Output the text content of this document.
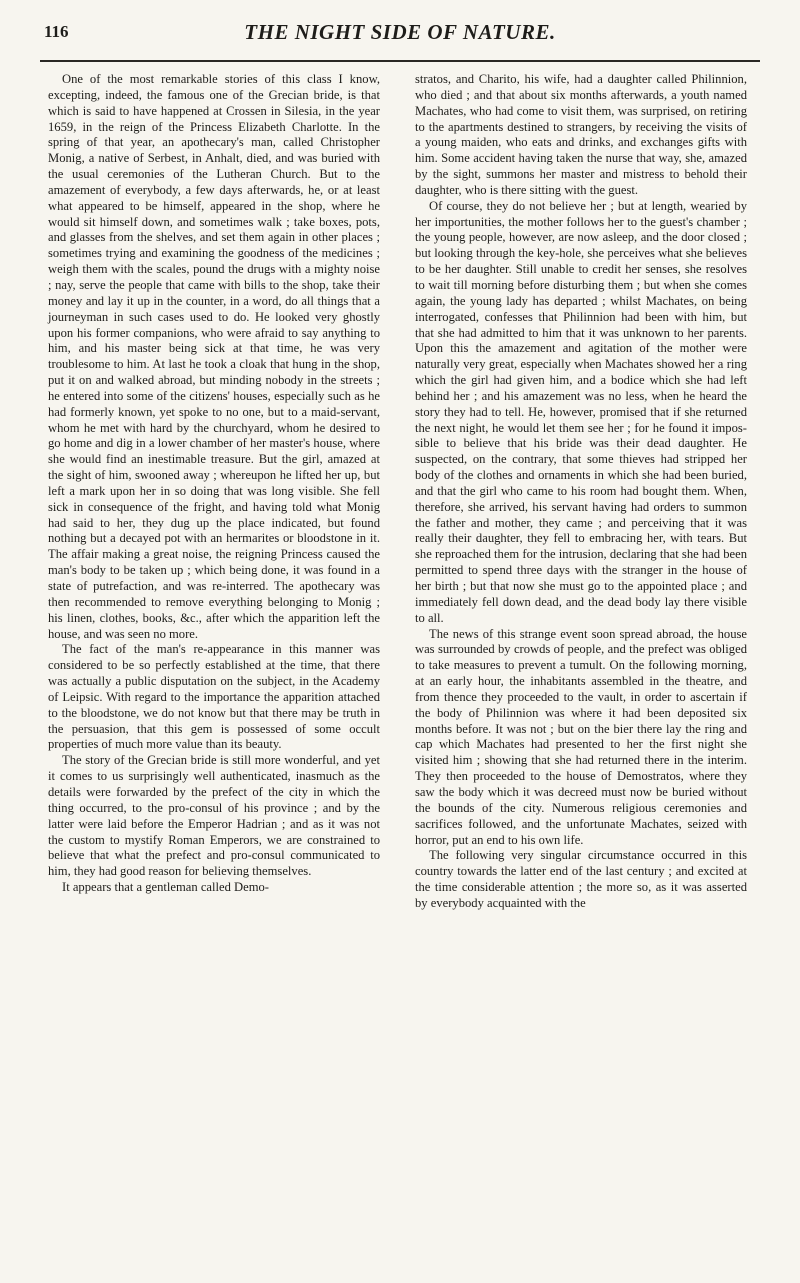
116	THE NIGHT SIDE OF NATURE.

One of the most remarkable stories of this class I know, excepting, indeed, the famous one of the Grecian bride, is that which is said to have happened at Crossen in Silesia, in the year 1659, in the reign of the Princess Elizabeth Charlotte. In the spring of that year, an apothecary's man, called Christopher Monig, a native of Serbest, in Anhalt, died, and was buried with the usual ceremonies of the Lutheran Church. But to the amazement of everybody, a few days afterwards, he, or at least what appeared to be himself, appeared in the shop, where he would sit himself down, and sometimes walk ; take boxes, pots, and glasses from the shelves, and set them again in other places ; sometimes trying and examining the goodness of the medicines ; weigh them with the scales, pound the drugs with a mighty noise ; nay, serve the people that came with bills to the shop, take their money and lay it up in the counter, in a word, do all things that a journeyman in such cases used to do. He looked very ghostly upon his former companions, who were afraid to say anything to him, and his master being sick at that time, he was very troublesome to him. At last he took a cloak that hung in the shop, put it on and walked abroad, but minding nobody in the streets ; he entered into some of the citizens' houses, especially such as he had formerly known, yet spoke to no one, but to a maid-servant, whom he met with hard by the churchyard, whom he desired to go home and dig in a lower chamber of her master's house, where she would find an inestimable treasure. But the girl, amazed at the sight of him, swooned away ; whereupon he lifted her up, but left a mark upon her in so doing that was long visible. She fell sick in consequence of the fright, and having told what Monig had said to her, they dug up the place indicated, but found nothing but a decayed pot with an hermarites or bloodstone in it. The affair making a great noise, the reigning Princess caused the man's body to be taken up ; which being done, it was found in a state of putrefaction, and was re-interred. The apothecary was then recommended to remove everything belonging to Monig ; his linen, clothes, books, &c., after which the apparition left the house, and was seen no more.

The fact of the man's re-appearance in this manner was considered to be so perfectly established at the time, that there was actually a public disputation on the subject, in the Academy of Leipsic. With regard to the importance the apparition attached to the bloodstone, we do not know but that there may be truth in the persuasion, that this gem is possessed of some occult properties of much more value than its beauty.

The story of the Grecian bride is still more wonderful, and yet it comes to us surprisingly well authenticated, inasmuch as the details were forwarded by the prefect of the city in which the thing occurred, to the pro-consul of his province ; and by the latter were laid before the Emperor Hadrian ; and as it was not the custom to mystify Roman Emperors, we are constrained to believe that what the prefect and pro-consul communicated to him, they had good reason for believing themselves.

It appears that a gentleman called Demo-

stratos, and Charito, his wife, had a daughter called Philinnion, who died ; and that about six months afterwards, a youth named Machates, who had come to visit them, was surprised, on retiring to the apartments destined to strangers, by receiving the visits of a young maiden, who eats and drinks, and exchanges gifts with him. Some accident having taken the nurse that way, she, amazed by the sight, summons her master and mistress to behold their daughter, who is there sitting with the guest.

Of course, they do not believe her ; but at length, wearied by her importunities, the mother follows her to the guest's chamber ; the young people, however, are now asleep, and the door closed ; but looking through the key-hole, she perceives what she believes to be her daughter. Still unable to credit her senses, she resolves to wait till morning before disturbing them ; but when she comes again, the young lady has departed ; whilst Machates, on being interrogated, confesses that Philinnion had been with him, but that she had admitted to him that it was unknown to her parents. Upon this the amazement and agitation of the mother were naturally very great, especially when Machates showed her a ring which the girl had given him, and a bodice which she had left behind her ; and his amazement was no less, when he heard the story they had to tell. He, however, promised that if she returned the next night, he would let them see her ; for he found it impossible to believe that his bride was their dead daughter. He suspected, on the contrary, that some thieves had stripped her body of the clothes and ornaments in which she had been buried, and that the girl who came to his room had bought them. When, therefore, she arrived, his servant having had orders to summon the father and mother, they came ; and perceiving that it was really their daughter, they fell to embracing her, with tears. But she reproached them for the intrusion, declaring that she had been permitted to spend three days with the stranger in the house of her birth ; but that now she must go to the appointed place ; and immediately fell down dead, and the dead body lay there visible to all.

The news of this strange event soon spread abroad, the house was surrounded by crowds of people, and the prefect was obliged to take measures to prevent a tumult. On the following morning, at an early hour, the inhabitants assembled in the theatre, and from thence they proceeded to the vault, in order to ascertain if the body of Philinnion was where it had been deposited six months before. It was not ; but on the bier there lay the ring and cap which Machates had presented to her the first night she visited him ; showing that she had returned there in the interim. They then proceeded to the house of Demostratos, where they saw the body which it was decreed must now be buried without the bounds of the city. Numerous religious ceremonies and sacrifices followed, and the unfortunate Machates, seized with horror, put an end to his own life.

The following very singular circumstance occurred in this country towards the latter end of the last century ; and excited at the time considerable attention ; the more so, as it was asserted by everybody acquainted with the
